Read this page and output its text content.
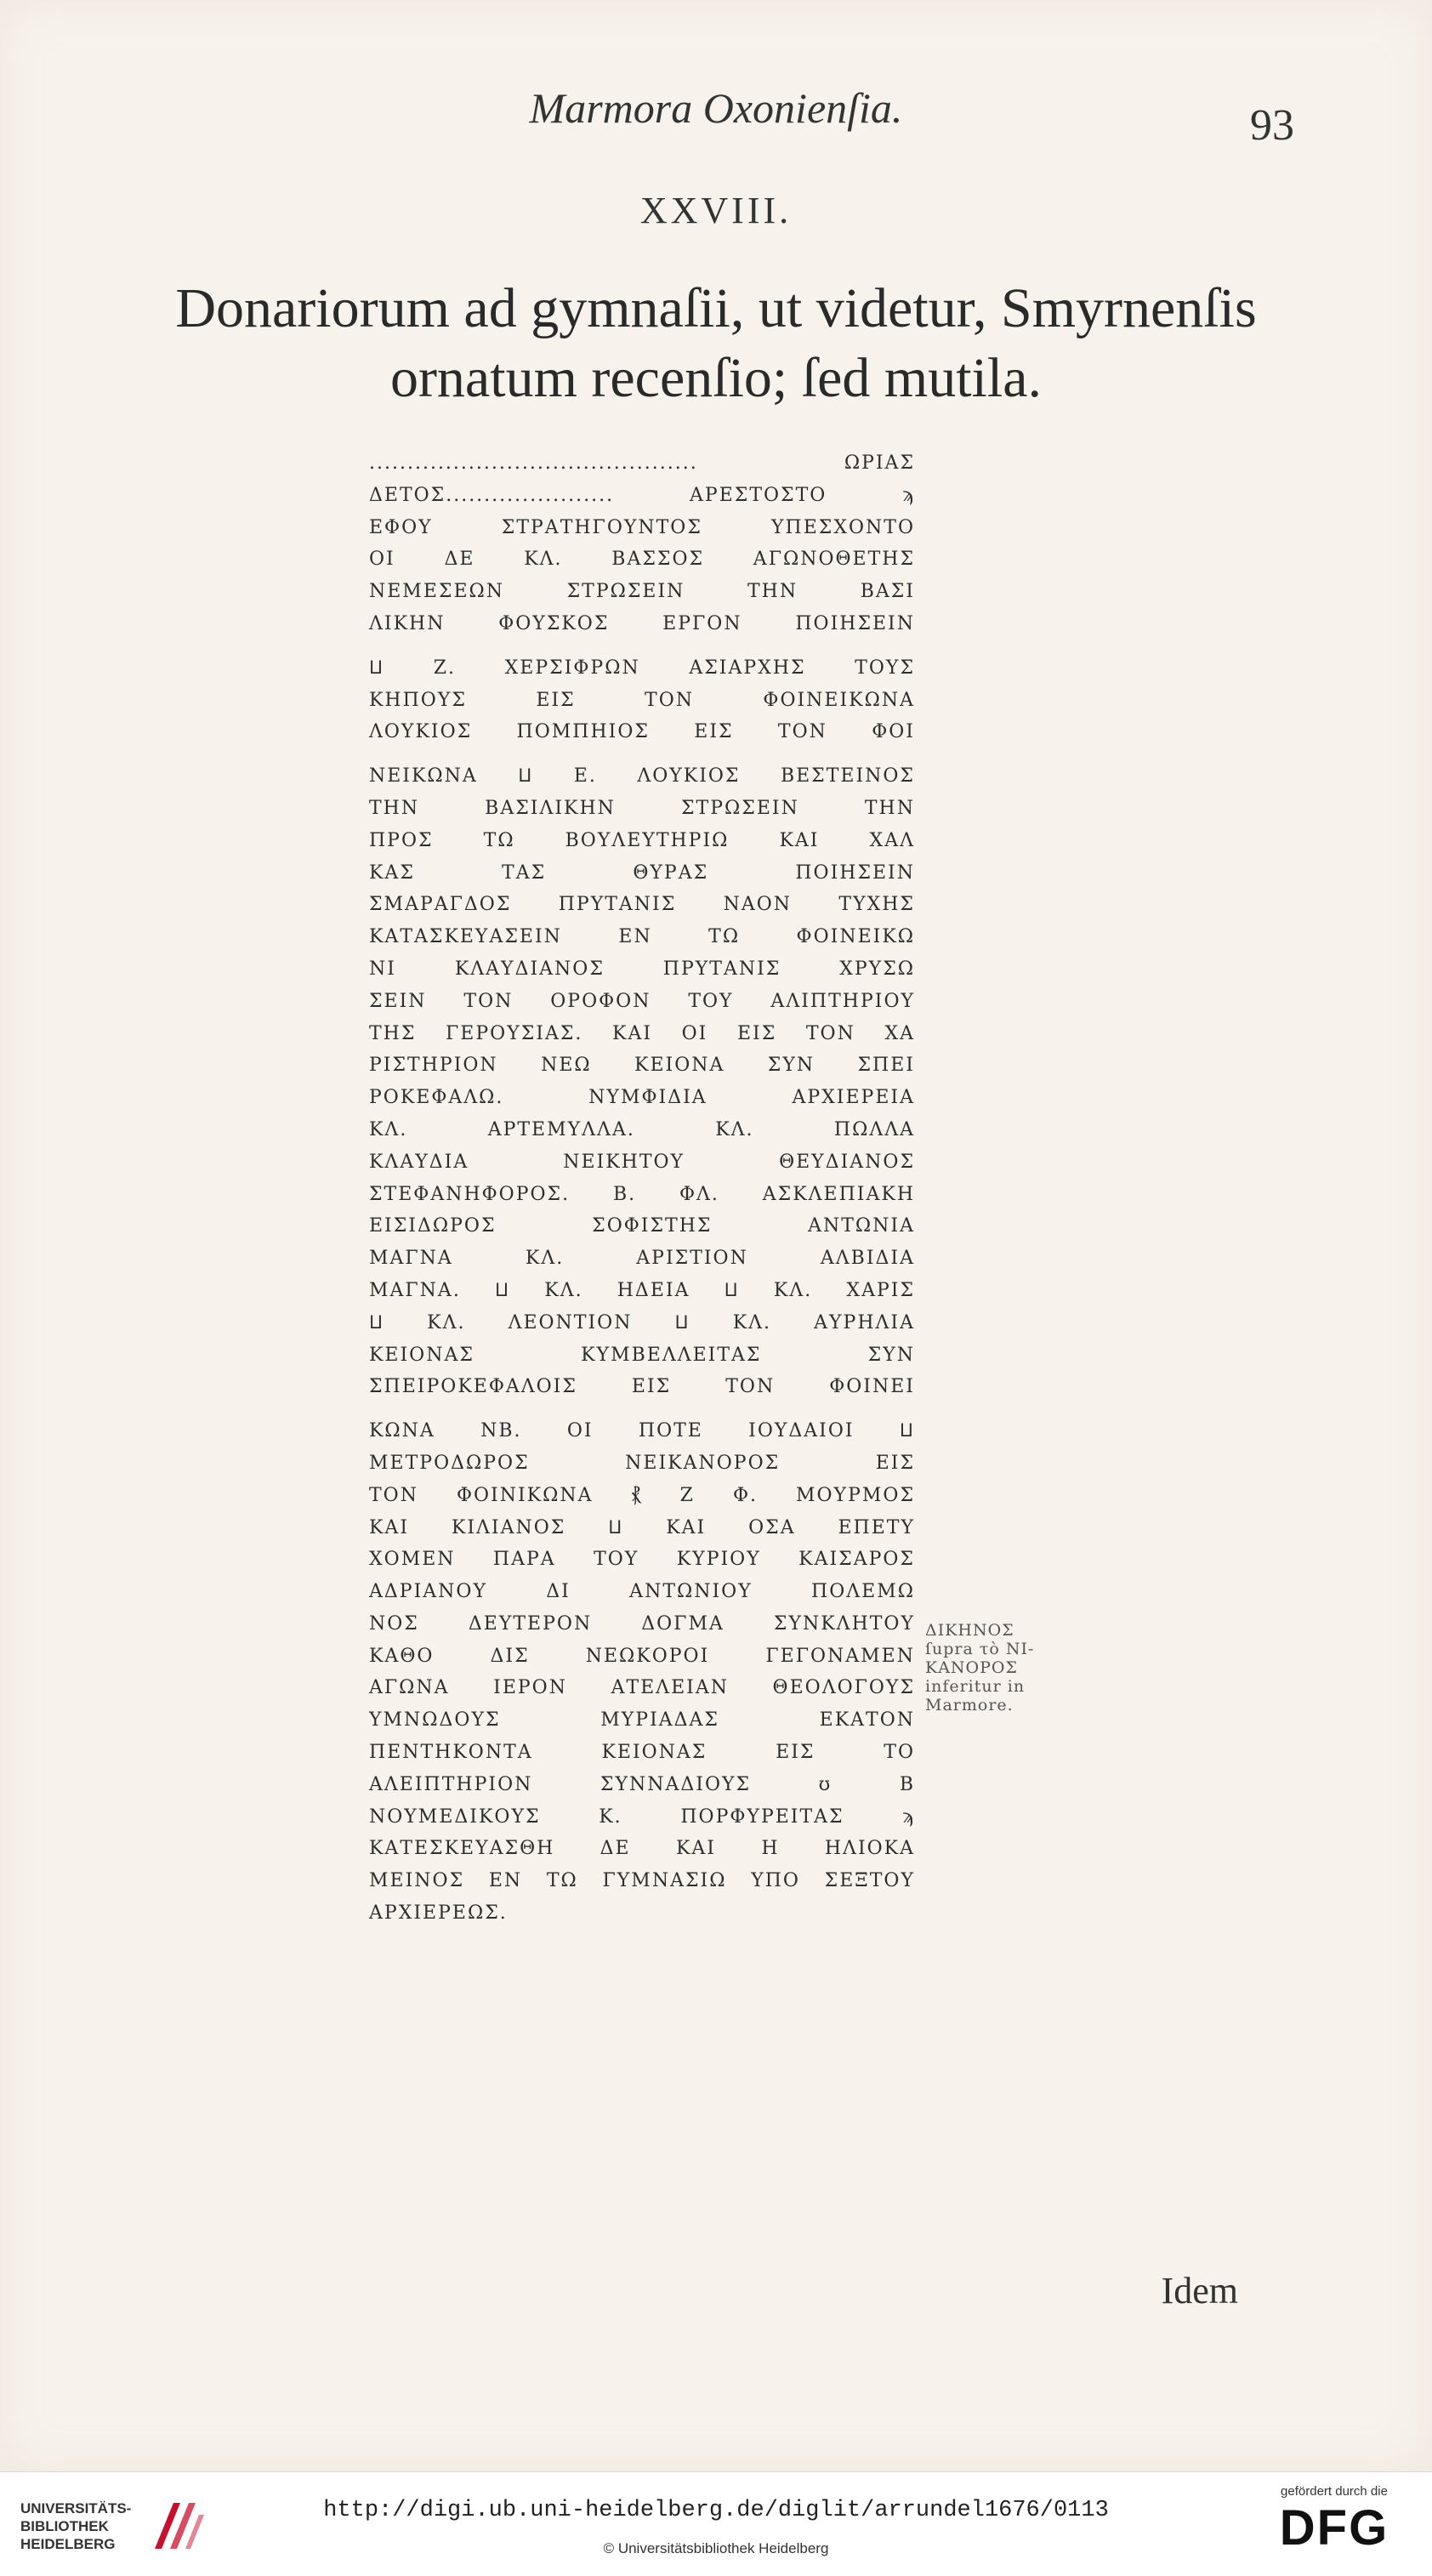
Marmora Oxonienſia.	93
XXVIII.
Donariorum ad gymnaſii, ut videtur, Smyrnenſis
ornatum recenſio; ſed mutila.
........................................... ΩΡΙΑΣ
ΔΕΤΟΣ...................... ΑΡΕΣΤΟΣΤΟ ϡ
ΕΦΟΥ ΣΤΡΑΤΗΓΟΥΝΤΟΣ ΥΠΕΣΧΟΝΤΟ
ΟΙ ΔΕ ΚΛ. ΒΑΣΣΟΣ ΑΓΩΝΟΘΕΤΗΣ
ΝΕΜΕΣΕΩΝ ΣΤΡΩΣΕΙΝ ΤΗΝ ΒΑΣΙ
ΛΙΚΗΝ ΦΟΥΣΚΟΣ ΕΡΓΟΝ ΠΟΙΗΣΕΙΝ
Ⳙ Ζ. ΧΕΡΣΙΦΡΩΝ ΑΣΙΑΡΧΗΣ ΤΟΥΣ
ΚΗΠΟΥΣ ΕΙΣ ΤΟΝ ΦΟΙΝΕΙΚΩΝΑ
ΛΟΥΚΙΟΣ ΠΟΜΠΗΙΟΣ ΕΙΣ ΤΟΝ ΦΟΙ
ΝΕΙΚΩΝΑ Ⳙ Ε. ΛΟΥΚΙΟΣ ΒΕΣΤΕΙΝΟΣ
ΤΗΝ ΒΑΣΙΛΙΚΗΝ ΣΤΡΩΣΕΙΝ ΤΗΝ
ΠΡΟΣ ΤΩ ΒΟΥΛΕΥΤΗΡΙΩ ΚΑΙ ΧΑΛ
ΚΑΣ ΤΑΣ ΘΥΡΑΣ ΠΟΙΗΣΕΙΝ
ΣΜΑΡΑΓΔΟΣ ΠΡΥΤΑΝΙΣ ΝΑΟΝ ΤΥΧΗΣ
ΚΑΤΑΣΚΕΥΑΣΕΙΝ ΕΝ ΤΩ ΦΟΙΝΕΙΚΩ
ΝΙ ΚΛΑΥΔΙΑΝΟΣ ΠΡΥΤΑΝΙΣ ΧΡΥΣΩ
ΣΕΙΝ ΤΟΝ ΟΡΟΦΟΝ ΤΟΥ ΑΛΙΠΤΗΡΙΟΥ
ΤΗΣ ΓΕΡΟΥΣΙΑΣ. ΚΑΙ ΟΙ ΕΙΣ ΤΟΝ ΧΑ
ΡΙΣΤΗΡΙΟΝ ΝΕΩ ΚΕΙΟΝΑ ΣΥΝ ΣΠΕΙ
ΡΟΚΕΦΑΛΩ. ΝΥΜΦΙΔΙΑ ΑΡΧΙΕΡΕΙΑ
ΚΛ. ΑΡΤΕΜΥΛΛΑ. ΚΛ. ΠΩΛΛΑ
ΚΛΑΥΔΙΑ ΝΕΙΚΗΤΟΥ ΘΕΥΔΙΑΝΟΣ
ΣΤΕΦΑΝΗΦΟΡΟΣ. Β. ΦΛ. ΑΣΚΛΕΠΙΑΚΗ
ΕΙΣΙΔΩΡΟΣ ΣΟΦΙΣΤΗΣ ΑΝΤΩΝΙΑ
ΜΑΓΝΑ ΚΛ. ΑΡΙΣΤΙΟΝ ΑΛΒΙΔΙΑ
ΜΑΓΝΑ. Ⳙ ΚΛ. ΗΔΕΙΑ Ⳙ ΚΛ. ΧΑΡΙΣ
Ⳙ ΚΛ. ΛΕΟΝΤΙΟΝ Ⳙ ΚΛ. ΑΥΡΗΛΙΑ
ΚΕΙΟΝΑΣ ΚΥΜΒΕΛΛΕΙΤΑΣ ΣΥΝ
ΣΠΕΙΡΟΚΕΦΑΛΟΙΣ ΕΙΣ ΤΟΝ ΦΟΙΝΕΙ
ΚΩΝΑ ΝΒ. ΟΙ ΠΟΤΕ ΙΟΥΔΑΙΟΙ Ⳙ
ΜΕΤΡΟΔΩΡΟΣ ΝΕΙΚΑΝΟΡΟΣ ΕΙΣ
ΤΟΝ ΦΟΙΝΙΚΩΝΑ ⳩ Ζ Φ. ΜΟΥΡΜΟΣ
ΚΑΙ ΚΙΛΙΑΝΟΣ Ⳙ ΚΑΙ ΟΣΑ ΕΠΕΤΥ
ΧΟΜΕΝ ΠΑΡΑ ΤΟΥ ΚΥΡΙΟΥ ΚΑΙΣΑΡΟΣ
ΑΔΡΙΑΝΟΥ ΔΙ ΑΝΤΩΝΙΟΥ ΠΟΛΕΜΩ
ΝΟΣ ΔΕΥΤΕΡΟΝ ΔΟΓΜΑ ΣΥΝΚΛΗΤΟΥ
ΚΑΘΟ ΔΙΣ ΝΕΩΚΟΡΟΙ ΓΕΓΟΝΑΜΕΝ
ΑΓΩΝΑ ΙΕΡΟΝ ΑΤΕΛΕΙΑΝ ΘΕΟΛΟΓΟΥΣ
ΥΜΝΩΔΟΥΣ ΜΥΡΙΑΔΑΣ ΕΚΑΤΟΝ
ΠΕΝΤΗΚΟΝΤΑ ΚΕΙΟΝΑΣ ΕΙΣ ΤΟ
ΑΛΕΙΠΤΗΡΙΟΝ ΣΥΝΝΑΔΙΟΥΣ ʊ Β
ΝΟΥΜΕΔΙΚΟΥΣ Κ. ΠΟΡΦΥΡΕΙΤΑΣ ϡ
ΚΑΤΕΣΚΕΥΑΣΘΗ ΔΕ ΚΑΙ Η ΗΛΙΟΚΑ
ΜΕΙΝΟΣ ΕΝ ΤΩ ΓΥΜΝΑΣΙΩ ΥΠΟ ΣΕΞΤΟΥ
ΑΡΧΙΕΡΕΩΣ.
ΔΙΚΗΝΟΣ
ſupra τὸ ΝΙ-
ΚΑΝΟΡΟΣ
inferitur in
Marmore.
Idem
UNIVERSITÄTS-
BIBLIOTHEK
HEIDELBERG
http://digi.ub.uni-heidelberg.de/diglit/arrundel1676/0113
© Universitätsbibliothek Heidelberg
gefördert durch die
DFG
